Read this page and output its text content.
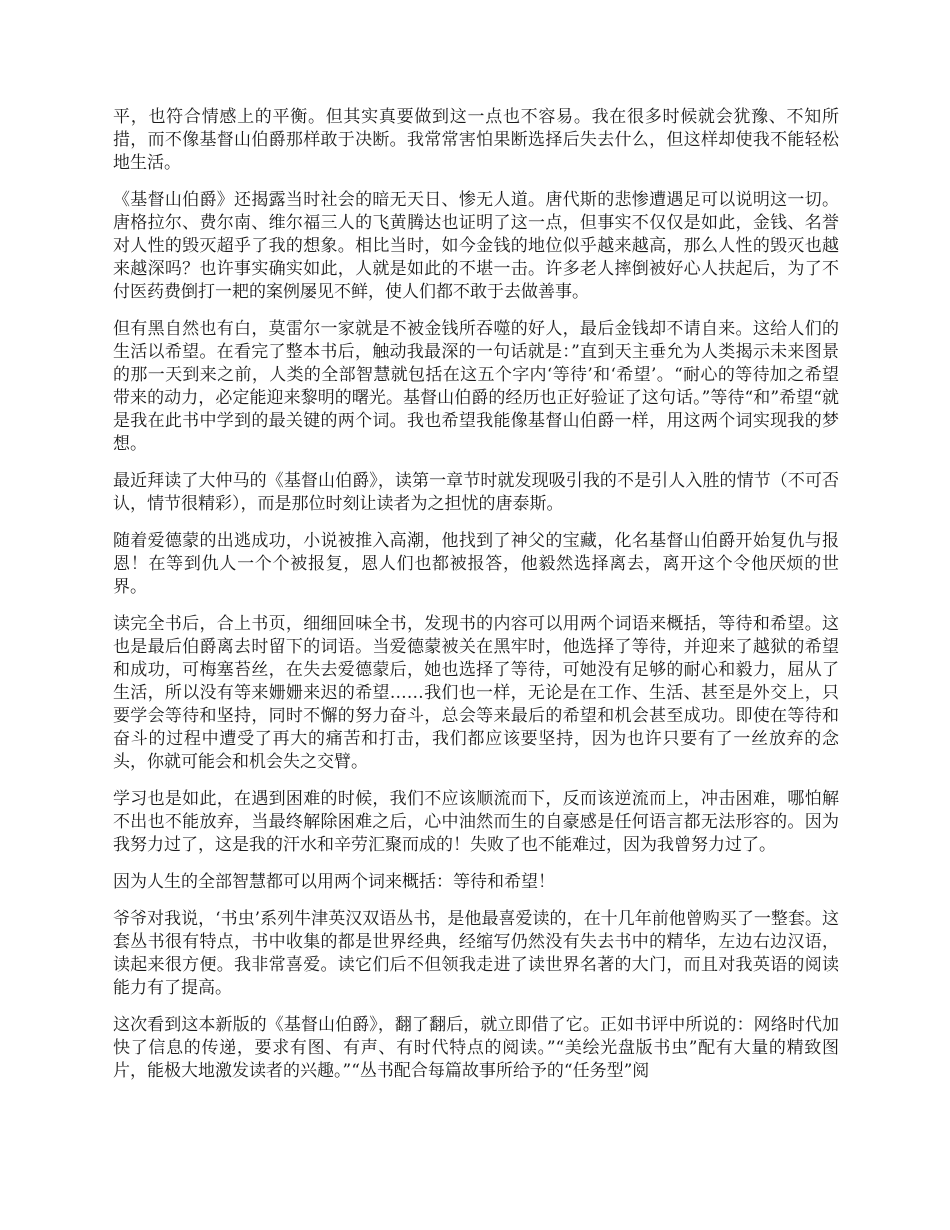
平，也符合情感上的平衡。但其实真要做到这一点也不容易。我在很多时候就会犹豫、不知所措，而不像基督山伯爵那样敢于决断。我常常害怕果断选择后失去什么，但这样却使我不能轻松地生活。

《基督山伯爵》还揭露当时社会的暗无天日、惨无人道。唐代斯的悲惨遭遇足可以说明这一切。唐格拉尔、费尔南、维尔福三人的飞黄腾达也证明了这一点，但事实不仅仅是如此，金钱、名誉对人性的毁灭超乎了我的想象。相比当时，如今金钱的地位似乎越来越高，那么人性的毁灭也越来越深吗？也许事实确实如此，人就是如此的不堪一击。许多老人摔倒被好心人扶起后，为了不付医药费倒打一耙的案例屡见不鲜，使人们都不敢于去做善事。

但有黑自然也有白，莫雷尔一家就是不被金钱所吞噬的好人，最后金钱却不请自来。这给人们的生活以希望。在看完了整本书后，触动我最深的一句话就是：”直到天主垂允为人类揭示未来图景的那一天到来之前，人类的全部智慧就包括在这五个字内‘等待’和‘希望’。“耐心的等待加之希望带来的动力，必定能迎来黎明的曙光。基督山伯爵的经历也正好验证了这句话。”等待“和”希望“就是我在此书中学到的最关键的两个词。我也希望我能像基督山伯爵一样，用这两个词实现我的梦想。

最近拜读了大仲马的《基督山伯爵》，读第一章节时就发现吸引我的不是引人入胜的情节（不可否认，情节很精彩），而是那位时刻让读者为之担忧的唐泰斯。

随着爱德蒙的出逃成功，小说被推入高潮，他找到了神父的宝藏，化名基督山伯爵开始复仇与报恩！在等到仇人一个个被报复，恩人们也都被报答，他毅然选择离去，离开这个令他厌烦的世界。

读完全书后，合上书页，细细回味全书，发现书的内容可以用两个词语来概括，等待和希望。这也是最后伯爵离去时留下的词语。当爱德蒙被关在黑牢时，他选择了等待，并迎来了越狱的希望和成功，可梅塞苔丝，在失去爱德蒙后，她也选择了等待，可她没有足够的耐心和毅力，屈从了生活，所以没有等来姗姗来迟的希望……我们也一样，无论是在工作、生活、甚至是外交上，只要学会等待和坚持，同时不懈的努力奋斗，总会等来最后的希望和机会甚至成功。即使在等待和奋斗的过程中遭受了再大的痛苦和打击，我们都应该要坚持，因为也许只要有了一丝放弃的念头，你就可能会和机会失之交臂。

学习也是如此，在遇到困难的时候，我们不应该顺流而下，反而该逆流而上，冲击困难，哪怕解不出也不能放弃，当最终解除困难之后，心中油然而生的自豪感是任何语言都无法形容的。因为我努力过了，这是我的汗水和辛劳汇聚而成的！失败了也不能难过，因为我曾努力过了。

因为人生的全部智慧都可以用两个词来概括：等待和希望！

爷爷对我说，‘书虫’系列牛津英汉双语丛书，是他最喜爱读的，在十几年前他曾购买了一整套。这套丛书很有特点，书中收集的都是世界经典，经缩写仍然没有失去书中的精华，左边右边汉语，读起来很方便。我非常喜爱。读它们后不但领我走进了读世界名著的大门，而且对我英语的阅读能力有了提高。

这次看到这本新版的《基督山伯爵》，翻了翻后，就立即借了它。正如书评中所说的：网络时代加快了信息的传递，要求有图、有声、有时代特点的阅读。”“美绘光盘版书虫”配有大量的精致图片，能极大地激发读者的兴趣。”“丛书配合每篇故事所给予的“任务型”阅
